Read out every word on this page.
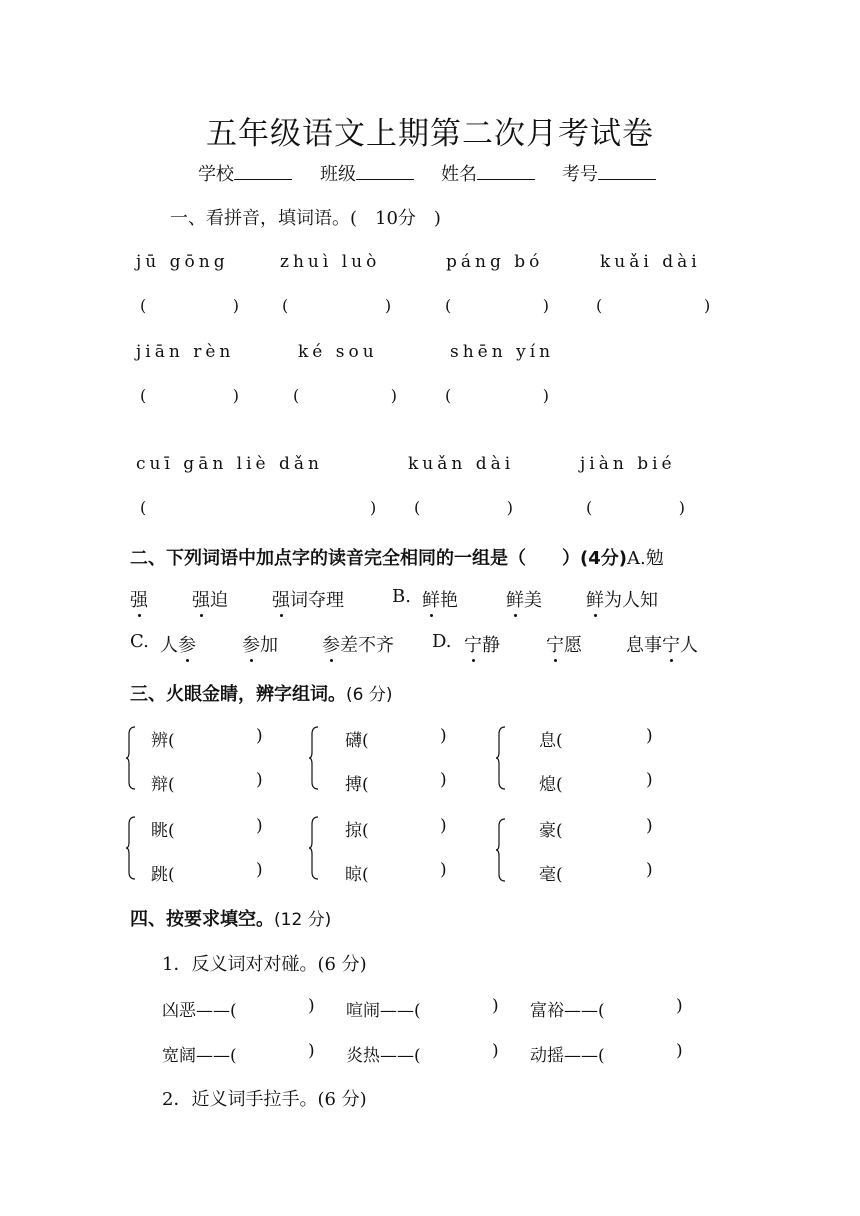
五年级语文上期第二次月考试卷
学校	班级	姓名	考号
一、看拼音，填词语。(　10分　)
jū gōng	zhuì luò	páng bó	kuǎi dài
(                 )	(                   )	(                  )	(                    )
jiān rèn	ké sou	shēn yín
(                 )	(                  )	(                  )
cuī gān liè dǎn	kuǎn dài	jiàn bié
(                                            ) (                 )	(                 )
二、下列词语中加点字的读音完全相同的一组是（　　）(4分)A.勉
强 强迫 强词夺理	B. 鲜艳	鲜美 鲜为人知
C. 人参	参加 参差不齐 D. 宁静	宁愿 息事宁人
三、火眼金睛，辨字组词。(6 分)
辨(	)
辩(	)
礴(	)
搏(	)
息(	)
熄(	)
眺(	)
跳(	)
掠(	)
晾(	)
豪(	)
毫(	)
四、按要求填空。(12 分)
1．反义词对对碰。(6 分)
凶恶——(	) 喧闹——(	) 富裕——(	)
宽阔——(	) 炎热——(	) 动摇——(	)
2．近义词手拉手。(6 分)
